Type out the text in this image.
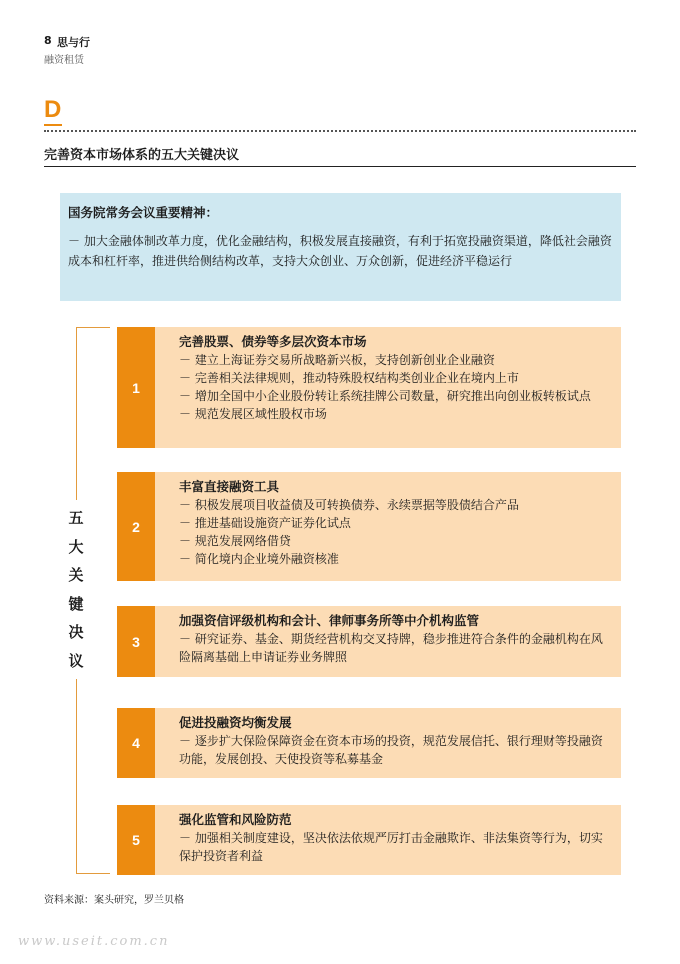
8 思与行
融资租赁
D
完善资本市场体系的五大关键决议

国务院常务会议重要精神：

－ 加大金融体制改革力度，优化金融结构，积极发展直接融资，有利于拓宽投融资渠道，降低社会融资成本和杠杆率，推进供给侧结构改革，支持大众创业、万众创新，促进经济平稳运行

五
大
关
键
决
议
1

完善股票、债券等多层次资本市场

－ 建立上海证券交易所战略新兴板，支持创新创业企业融资
－ 完善相关法律规则，推动特殊股权结构类创业企业在境内上市
－ 增加全国中小企业股份转让系统挂牌公司数量，研究推出向创业板转板试点
－ 规范发展区域性股权市场
2

丰富直接融资工具

－ 积极发展项目收益债及可转换债券、永续票据等股债结合产品
－ 推进基础设施资产证券化试点
－ 规范发展网络借贷
－ 简化境内企业境外融资核准
3

加强资信评级机构和会计、律师事务所等中介机构监管

－ 研究证券、基金、期货经营机构交叉持牌，稳步推进符合条件的金融机构在风险隔离基础上申请证券业务牌照
4

促进投融资均衡发展

－ 逐步扩大保险保障资金在资本市场的投资，规范发展信托、银行理财等投融资功能，发展创投、天使投资等私募基金
5

强化监管和风险防范

－ 加强相关制度建设，坚决依法依规严厉打击金融欺诈、非法集资等行为，切实保护投资者利益
资料来源：案头研究，罗兰贝格
www.useit.com.cn
